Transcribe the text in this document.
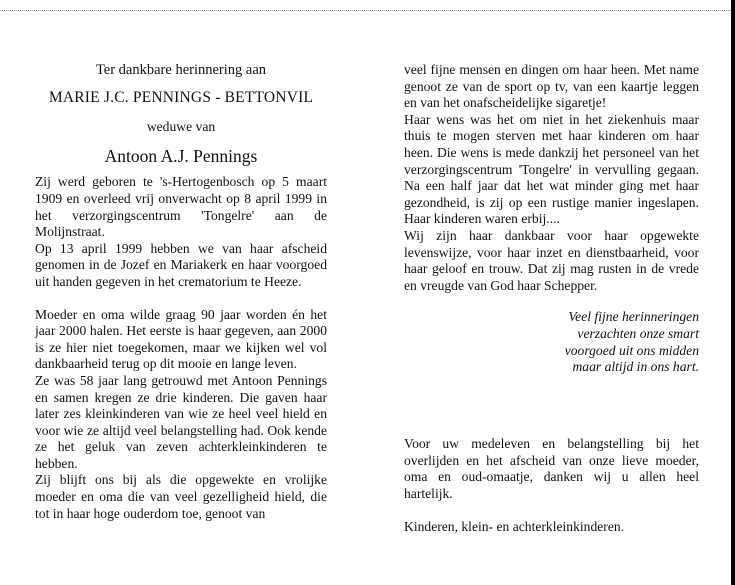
Ter dankbare herinnering aan
MARIE J.C. PENNINGS - BETTONVIL
weduwe van
Antoon A.J. Pennings

Zij werd geboren te 's-Hertogenbosch op 5 maart 1909 en overleed vrij onverwacht op 8 april 1999 in het verzorgingscentrum 'Tongelre' aan de Molijnstraat.

Op 13 april 1999 hebben we van haar afscheid genomen in de Jozef en Mariakerk en haar voorgoed uit handen gegeven in het crematorium te Heeze.

Moeder en oma wilde graag 90 jaar worden én het jaar 2000 halen. Het eerste is haar gegeven, aan 2000 is ze hier niet toegekomen, maar we kijken wel vol dankbaarheid terug op dit mooie en lange leven.

Ze was 58 jaar lang getrouwd met Antoon Pennings en samen kregen ze drie kinderen. Die gaven haar later zes kleinkinderen van wie ze heel veel hield en voor wie ze altijd veel belangstelling had. Ook kende ze het geluk van zeven achterkleinkinderen te hebben.

Zij blijft ons bij als die opgewekte en vrolijke moeder en oma die van veel gezelligheid hield, die tot in haar hoge ouderdom toe, genoot van

veel fijne mensen en dingen om haar heen. Met name genoot ze van de sport op tv, van een kaartje leggen en van het onafscheidelijke sigaretje!

Haar wens was het om niet in het ziekenhuis maar thuis te mogen sterven met haar kinderen om haar heen. Die wens is mede dankzij het personeel van het verzorgingscentrum 'Tongelre' in vervulling gegaan. Na een half jaar dat het wat minder ging met haar gezondheid, is zij op een rustige manier ingeslapen. Haar kinderen waren erbij....

Wij zijn haar dankbaar voor haar opgewekte levenswijze, voor haar inzet en dienstbaarheid, voor haar geloof en trouw. Dat zij mag rusten in de vrede en vreugde van God haar Schepper.

Veel fijne herinneringen
verzachten onze smart
voorgoed uit ons midden
maar altijd in ons hart.

Voor uw medeleven en belangstelling bij het overlijden en het afscheid van onze lieve moeder, oma en oud-omaatje, danken wij u allen heel hartelijk.

Kinderen, klein- en achterkleinkinderen.
